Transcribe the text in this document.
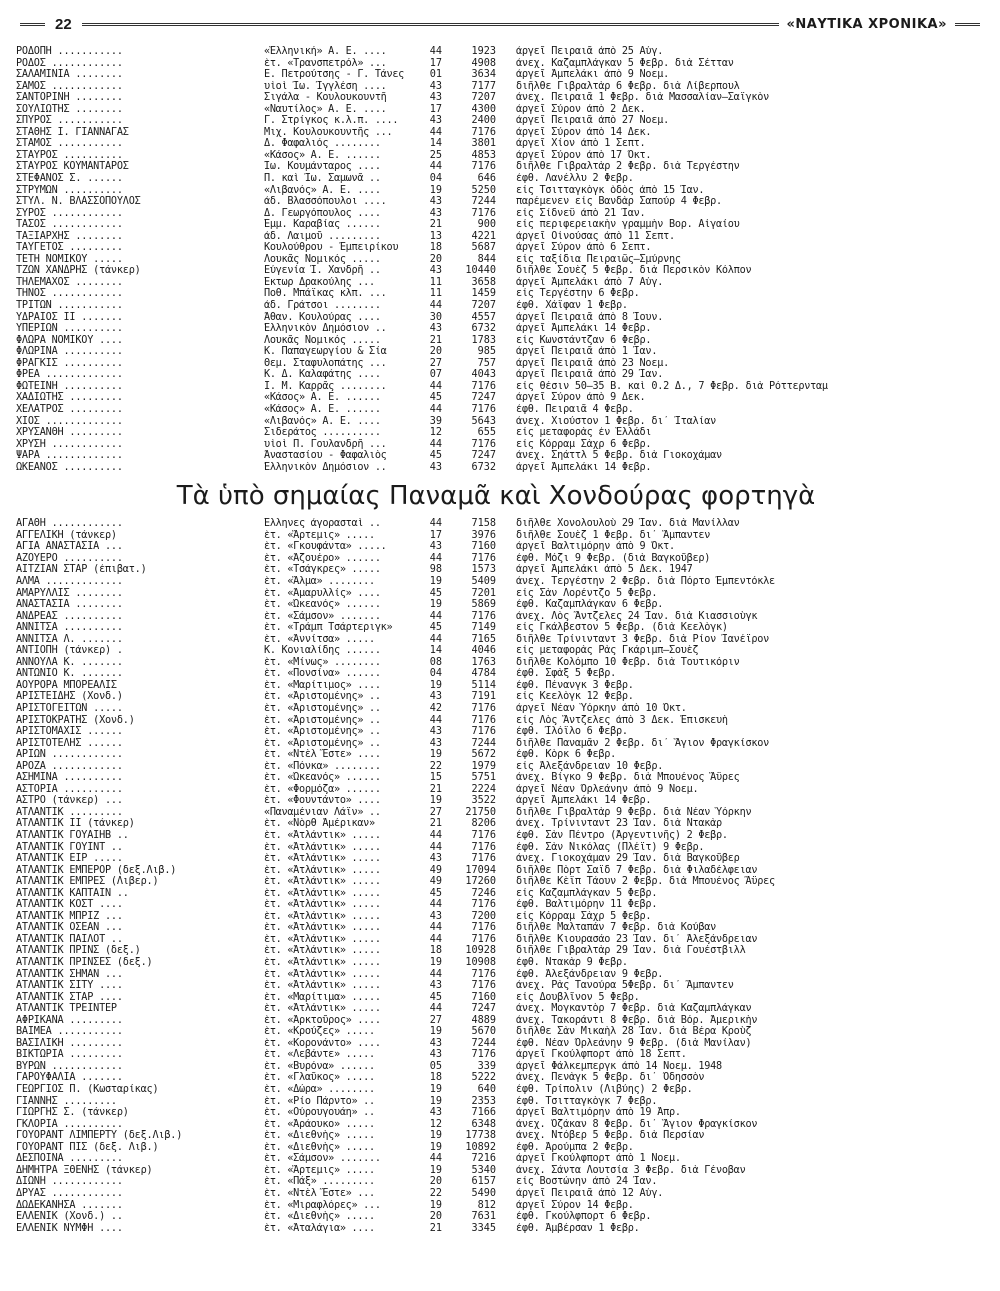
22	«ΝΑΥΤΙΚΑ ΧΡΟΝΙΚΑ»
ΡΟΔΟΠΗ ...........	«Ἑλληνική» Α. Ε. ....	44	1923	ἀργεῖ Πειραιᾶ ἀπὸ 25 Αὐγ.
ΡΟΔΟΣ ............	ἑτ. «Τρανσπετρόλ» ...	17	4908	ἀνεχ. Καζαμπλάγκαν 5 Φεβρ. διὰ Σέτταν
ΣΑΛΑΜΙΝΙΑ ........	Ε. Πετρούτσης - Γ. Τάνες	01	3634	ἀργεῖ Ἀμπελάκι ἀπὸ 9 Νοεμ.
ΣΑΜΟΣ ............	υἱοὶ Ἰω. Ἰγγλέση ....	43	7177	διῆλθε Γιβραλτὰρ 6 Φεβρ. διὰ Λίβερπουλ
ΣΑΝΤΟΡΙΝΗ ........	Σιγάλα - Κουλουκουντῆ	43	7207	ἀνεχ. Πειραιᾶ 1 Φεβρ. διὰ Μασσαλίαν—Σαϊγκὸν
ΣΟΥΛΙΩΤΗΣ ........	«Ναυτίλος» Α. Ε. ....	17	4300	ἀργεῖ Σύρον ἀπὸ 2 Δεκ.
ΣΠΥΡΟΣ ...........	Γ. Στρίγκος κ.λ.π. ....	43	2400	ἀργεῖ Πειραιᾶ ἀπὸ 27 Νοεμ.
ΣΤΑΘΗΣ Ι. ΓΙΑΝΝΑΓΑΣ	Μιχ. Κουλουκουντῆς ...	44	7176	ἀργεῖ Σύρον ἀπὸ 14 Δεκ.
ΣΤΑΜΟΣ ...........	Δ. Φαφαλιός ........	14	3801	ἀργεῖ Χίον ἀπὸ 1 Σεπτ.
ΣΤΑΥΡΟΣ ..........	«Κάσος» Α. Ε. ......	25	4853	ἀργεῖ Σύρον ἀπὸ 17 Ὀκτ.
ΣΤΑΥΡΟΣ ΚΟΥΜΑΝΤΑΡΟΣ	Ἰω. Κουμάνταρος ....	44	7176	διῆλθε Γιβραλτὰρ 2 Φεβρ. διὰ Τεργέστην
ΣΤΕΦΑΝΟΣ Σ. ......	Π. καὶ Ἰω. Σαμωνᾶ ..	04	646	ἐφθ. Λανέλλυ 2 Φεβρ.
ΣΤΡΥΜΩΝ ..........	«Λιβανός» Α. Ε. ....	19	5250	εἰς Τσιτταγκὸγκ ὁδὸς ἀπὸ 15 Ἰαν.
ΣΤΥΛ. Ν. ΒΛΑΣΣΟΠΟΥΛΟΣ	ἀδ. Βλασσόπουλοι ....	43	7244	παρέμενεν εἰς Βανδὰρ Σαπούρ 4 Φεβρ.
ΣΥΡΟΣ ............	Δ. Γεωργόπουλος ....	43	7176	εἰς Σίδνεϋ ἀπὸ 21 Ἰαν.
ΤΑΣΟΣ ............	Ἐμμ. Καραβίας ......	21	900	εἰς περιφερειακὴν γραμμὴν Βορ. Αἰγαίου
ΤΑΞΙΑΡΧΗΣ ........	ἀδ. Λαιμοῦ .........	13	4221	ἀργεῖ Οἰνούσας ἀπὸ 11 Σεπτ.
ΤΑΫΓΕΤΟΣ .........	Κουλούθρου - Ἐμπειρίκου	18	5687	ἀργεῖ Σύρον ἀπὸ 6 Σεπτ.
ΤΕΤΗ ΝΟΜΙΚΟΥ .....	Λουκᾶς Νομικός .....	20	844	εἰς ταξίδια Πειραιῶς—Σμύρνης
ΤΖΩΝ ΧΑΝΔΡΗΣ (τάνκερ)	Εὐγενία Ἰ. Χανδρῆ ..	43	10440	διῆλθε Σουὲζ 5 Φεβρ. διὰ Περσικὸν Κόλπον
ΤΗΛΕΜΑΧΟΣ ........	Ἕκτωρ Δρακούλης ...	11	3658	ἀργεῖ Ἀμπελάκι ἀπὸ 7 Αὐγ.
ΤΗΝΟΣ ............	Ποθ. Μπάϊκας κλπ. ...	11	1459	εἰς Τεργέστην 6 Φεβρ.
ΤΡΙΤΩΝ ...........	ἀδ. Γράτσοι ........	44	7207	ἐφθ. Χάϊφαν 1 Φεβρ.
ΥΔΡΑΙΟΣ ΙΙ .......	Ἀθαν. Κουλούρας ....	30	4557	ἀργεῖ Πειραιᾶ ἀπὸ 8 Ἰουν.
ΥΠΕΡΙΩΝ ..........	Ἑλληνικὸν Δημόσιον ..	43	6732	ἀργεῖ Ἀμπελάκι 14 Φεβρ.
ΦΛΩΡΑ ΝΟΜΙΚΟΥ ....	Λουκᾶς Νομικός .....	21	1783	εἰς Κωνστάντζαν 6 Φεβρ.
ΦΛΩΡΙΝΑ ..........	Κ. Παπαγεωργίου & Σία	20	985	ἀργεῖ Πειραιᾶ ἀπὸ 1 Ἰαν.
ΦΡΑΓΚΙΣ ..........	Θεμ. Σταφυλοπάτης ...	27	757	ἀργεῖ Πειραιᾶ ἀπὸ 23 Νοεμ.
ΦΡΕΑ .............	Κ. Δ. Καλαφάτης ....	07	4043	ἀργεῖ Πειραιᾶ ἀπὸ 29 Ἰαν.
ΦΩΤΕΙΝΗ ..........	Ι. Μ. Καρρᾶς ........	44	7176	εἰς θέσιν 50—35 Β. καὶ 0.2 Δ., 7 Φεβρ. διὰ Ρόττερνταμ
ΧΑΔΙΩΤΗΣ .........	«Κάσος» Α. Ε. ......	45	7247	ἀργεῖ Σύρον ἀπὸ 9 Δεκ.
ΧΕΛΑΤΡΟΣ .........	«Κάσος» Α. Ε. ......	44	7176	ἐφθ. Πειραιᾶ 4 Φεβρ.
ΧΙΟΣ .............	«Λιβανός» Α. Ε. ....	39	5643	ἀνεχ. Χιούστον 1 Φεβρ. δι᾿ Ἰταλίαν
ΧΡΥΣΑΝΘΗ .........	Σιδεράτος ..........	12	655	εἰς μεταφορὰς ἐν Ἑλλάδι
ΧΡΥΣΗ ............	υἱοὶ Π. Γουλανδρῆ ...	44	7176	εἰς Κόρραμ Σὰχρ 6 Φεβρ.
ΨΑΡΑ .............	Ἀναστασίου - Φαφαλιὸς	45	7247	ἀνεχ. Σηάττλ 5 Φεβρ. διὰ Γιοκοχάμαν
ΩΚΕΑΝΟΣ ..........	Ἑλληνικὸν Δημόσιον ..	43	6732	ἀργεῖ Ἀμπελάκι 14 Φεβρ.
Τὰ ὑπὸ σημαίας Παναμᾶ καὶ Χονδούρας φορτηγὰ
ΑΓΑΘΗ ............	Ἕλληνες ἀγορασταὶ ..	44	7158	διῆλθε Χονολουλοὺ 29 Ἰαν. διὰ Μανίλλαν
ΑΓΓΕΛΙΚΗ (τάνκερ)	ἑτ. «Ἄρτεμις» .....	17	3976	διῆλθε Σουὲζ 1 Φεβρ. δι᾿ Ἄμπαντεν
ΑΓΙΑ ΑΝΑΣΤΑΣΙΑ ...	ἑτ. «Γκουφάντα» .....	43	7160	ἀργεῖ Βαλτιμόρην ἀπὸ 9 Ὀκτ.
ΑΖΟΥΕΡΟ ..........	ἑτ. «Ἀζουέρο» ......	44	7176	ἐφθ. Μόζι 9 Φεβρ. (διὰ Βαγκοῦβερ)
ΑΪΤΖΙΑΝ ΣΤΑΡ (ἐπιβατ.)	ἑτ. «Τσάγκρες» .....	98	1573	ἀργεῖ Ἀμπελάκι ἀπὸ 5 Δεκ. 1947
ΑΛΜΑ .............	ἑτ. «Ἄλμα» ........	19	5409	ἀνεχ. Τεργέστην 2 Φεβρ. διὰ Πόρτο Ἐμπεντόκλε
ΑΜΑΡΥΛΛΙΣ ........	ἑτ. «Ἀμαρυλλίς» ....	45	7201	εἰς Σὰν Λορέντζο 5 Φεβρ.
ΑΝΑΣΤΑΣΙΑ ........	ἑτ. «Ὠκεανός» ......	19	5869	ἐφθ. Καζαμπλάγκαν 6 Φεβρ.
ΑΝΔΡΕΑΣ ..........	ἑτ. «Σάμσον» .......	44	7176	ἀνεχ. Λὸς Ἄντζελες 24 Ἰαν. διὰ Κιασσιοὺγκ
ΑΝΝΙΤΣΑ ..........	ἑτ. «Τράμπ Τσάρτεριγκ»	45	7149	εἰς Γκάλβεστον 5 Φεβρ. (διὰ Κεελὸγκ)
ΑΝΝΙΤΣΑ Λ. .......	ἑτ. «Ἀννίτσα» .....	44	7165	διῆλθε Τρίνινταντ 3 Φεβρ. διὰ Ρίον Ἰανέϊρον
ΑΝΤΙΟΠΗ (τάνκερ) .	Κ. Κονιαλίδης ......	14	4046	εἰς μεταφορὰς Ρὰς Γκάριμπ—Σουὲζ
ΑΝΝΟΥΛΑ Κ. .......	ἑτ. «Μίνως» ........	08	1763	διῆλθε Κολόμπο 10 Φεβρ. διὰ Τουτικόριν
ΑΝΤΩΝΙΟ Κ. .......	ἑτ. «Πονσίνα» ......	04	4784	ἐφθ. Σφὰξ 5 Φεβρ.
ΑΟΥΡΟΡΑ ΜΠΟΡΕΑΛΙΣ	ἑτ. «Μαρίτιμος» ....	19	5114	ἐφθ. Πένανγκ 3 Φεβρ.
ΑΡΙΣΤΕΙΔΗΣ (Χονδ.)	ἑτ. «Ἀριστομένης» ..	43	7191	εἰς Κεελὸγκ 12 Φεβρ.
ΑΡΙΣΤΟΓΕΙΤΩΝ .....	ἑτ. «Ἀριστομένης» ..	42	7176	ἀργεῖ Νέαν Ὑόρκην ἀπὸ 10 Ὀκτ.
ΑΡΙΣΤΟΚΡΑΤΗΣ (Χονδ.)	ἑτ. «Ἀριστομένης» ..	44	7176	εἰς Λὸς Ἄντζελες ἀπὸ 3 Δεκ. Ἐπισκευὴ
ΑΡΙΣΤΟΜΑΧΙΣ ......	ἑτ. «Ἀριστομένης» ..	43	7176	ἐφθ. Ἰλόϊλο 6 Φεβρ.
ΑΡΙΣΤΟΤΕΛΗΣ ......	ἑτ. «Ἀριστομένης» ..	43	7244	διῆλθε Παναμᾶν 2 Φεβρ. δι᾿ Ἅγιον Φραγκίσκον
ΑΡΙΩΝ ............	ἑτ. «Ντὲλ Ἔστε» ....	19	5672	ἐφθ. Κὸρκ 6 Φεβρ.
ΑΡΟΖΑ ............	ἑτ. «Πόνκα» ........	22	1979	εἰς Ἀλεξάνδρειαν 10 Φεβρ.
ΑΣΗΜΙΝΑ ..........	ἑτ. «Ὠκεανός» ......	15	5751	ἀνεχ. Βίγκο 9 Φεβρ. διὰ Μπουένος Ἄϋρες
ΑΣΤΟΡΙΑ ..........	ἑτ. «Φορμόζα» ......	21	2224	ἀργεῖ Νέαν Ὀρλεάνην ἀπὸ 9 Νοεμ.
ΑΣΤΡΟ (τάνκερ) ...	ἑτ. «Φουντάντο» ....	19	3522	ἀργεῖ Ἀμπελάκι 14 Φεβρ.
ΑΤΛΑΝΤΙΚ .........	«Παναμένιαν Λάϊν» ..	27	21750	διῆλθε Γιβραλτὰρ 9 Φεβρ. διὰ Νέαν Ὑόρκην
ΑΤΛΑΝΤΙΚ ΙΙ (τάνκερ)	ἑτ. «Νὸρθ Ἀμέρικαν»	21	8206	ἀνεχ. Τρίνινταντ 23 Ἰαν. διὰ Ντακὰρ
ΑΤΛΑΝΤΙΚ ΓΟΥΑΪΗΒ ..	ἑτ. «Ἀτλάντικ» .....	44	7176	ἐφθ. Σὰν Πέντρο (Ἀργεντινῆς) 2 Φεβρ.
ΑΤΛΑΝΤΙΚ ΓΟΥΪΝΤ ..	ἑτ. «Ἀτλάντικ» .....	44	7176	ἐφθ. Σὰν Νικόλας (Πλέϊτ) 9 Φεβρ.
ΑΤΛΑΝΤΙΚ ΕΪΡ .....	ἑτ. «Ἀτλάντικ» .....	43	7176	ἀνεχ. Γιοκοχάμαν 29 Ἰαν. διὰ Βαγκοῦβερ
ΑΤΛΑΝΤΙΚ ΕΜΠΕΡΟΡ (δεξ.Λιβ.)	ἑτ. «Ἀτλάντικ» .....	49	17094	διῆλθε Πὸρτ Σαΐδ 7 Φεβρ. διὰ Φιλαδέλφειαν
ΑΤΛΑΝΤΙΚ ΕΜΠΡΕΣ (Λιβερ.)	ἑτ. «Ἀτλάντικ» .....	49	17260	διῆλθε Κὲϊπ Τάουν 2 Φεβρ. διὰ Μπουένος Ἄϋρες
ΑΤΛΑΝΤΙΚ ΚΑΠΤΑΙΝ ..	ἑτ. «Ἀτλάντικ» .....	45	7246	εἰς Καζαμπλάγκαν 5 Φεβρ.
ΑΤΛΑΝΤΙΚ ΚΟΣΤ ....	ἑτ. «Ἀτλάντικ» .....	44	7176	ἐφθ. Βαλτιμόρην 11 Φεβρ.
ΑΤΛΑΝΤΙΚ ΜΠΡΙΖ ...	ἑτ. «Ἀτλάντικ» .....	43	7200	εἰς Κόρραμ Σὰχρ 5 Φεβρ.
ΑΤΛΑΝΤΙΚ ΟΣΕΑΝ ...	ἑτ. «Ἀτλάντικ» .....	44	7176	διῆλθε Μαλταπάν 7 Φεβρ. διὰ Κούβαν
ΑΤΛΑΝΤΙΚ ΠΑΪΛΟΤ ..	ἑτ. «Ἀτλάντικ» .....	44	7176	διῆλθε Κιουρασάο 23 Ἰαν. δι᾿ Ἀλεξάνδρειαν
ΑΤΛΑΝΤΙΚ ΠΡΙΝΣ (δεξ.)	ἑτ. «Ἀτλάντικ» .....	18	10928	διῆλθε Γιβραλτὰρ 29 Ἰαν. διὰ Γουέστβιλλ
ΑΤΛΑΝΤΙΚ ΠΡΙΝΣΕΣ (δεξ.)	ἑτ. «Ἀτλάντικ» .....	19	10908	ἐφθ. Ντακὰρ 9 Φεβρ.
ΑΤΛΑΝΤΙΚ ΣΗΜΑΝ ...	ἑτ. «Ἀτλάντικ» .....	44	7176	ἐφθ. Ἀλεξάνδρειαν 9 Φεβρ.
ΑΤΛΑΝΤΙΚ ΣΙΤΥ ....	ἑτ. «Ἀτλάντικ» .....	43	7176	ἀνεχ. Ρὰς Τανούρα 5Φεβρ. δι᾿ Ἄμπαντεν
ΑΤΛΑΝΤΙΚ ΣΤΑΡ ....	ἑτ. «Μαρίτιμα» .....	45	7160	εἰς Δουβλῖνον 5 Φεβρ.
ΑΤΛΑΝΤΙΚ ΤΡΕΪΝΤΕΡ	ἑτ. «Ἀτλάντικ» .....	44	7247	ἀνεχ. Μογκαντὸρ 7 Φεβρ. διὰ Καζαμπλάγκαν
ΑΦΡΙΚΑΝΑ .........	ἑτ. «Ἀρκτοῦρος» ....	27	4889	ἀνεχ. Τακοράντι 8 Φεβρ. διὰ Βόρ. Ἀμερικὴν
ΒΑΪΜΕΑ ...........	ἑτ. «Κρούζες» .....	19	5670	διῆλθε Σὰν Μικαὴλ 28 Ἰαν. διὰ Βέρα Κροὺζ
ΒΑΣΙΛΙΚΗ .........	ἑτ. «Κορονάντο» ....	43	7244	ἐφθ. Νέαν Ὀρλεάνην 9 Φεβρ. (διὰ Μανίλαν)
ΒΙΚΤΩΡΙΑ .........	ἑτ. «Λεβάντε» .....	43	7176	ἀργεῖ Γκούλφπορτ ἀπὸ 18 Σεπτ.
ΒΥΡΩΝ ............	ἑτ. «Βυρόνα» ......	05	339	ἀργεῖ Φάλκεμπεργκ ἀπὸ 14 Νοεμ. 1948
ΓΑΡΟΥΦΑΛΙΑ .......	ἑτ. «Γλαῦκος» .....	18	5222	ἀνεχ. Πενὰγκ 5 Φεβρ. δι᾿ Ὀδησσὸν
ΓΕΩΡΓΙΟΣ Π. (Κωσταρίκας)	ἑτ. «Δώρα» ........	19	640	ἐφθ. Τρίπολιν (Λιβύης) 2 Φεβρ.
ΓΙΑΝΝΗΣ .........	ἑτ. «Ρίο Πάρντο» ..	19	2353	ἐφθ. Τσιτταγκὸγκ 7 Φεβρ.
ΓΙΩΡΓΗΣ Σ. (τάνκερ)	ἑτ. «Οὐρουγουάη» ..	43	7166	ἀργεῖ Βαλτιμόρην ἀπὸ 19 Ἀπρ.
ΓΚΛΟΡΙΑ ..........	ἑτ. «Ἀράουκο» .....	12	6348	ἀνεχ. Ὀζάκαν 8 Φεβρ. δι᾿ Ἅγιον Φραγκίσκον
ΓΟΥΟΡΑΝΤ ΛΙΜΠΕΡΤΥ (δεξ.Λιβ.)	ἑτ. «Διεθνὴς» .....	19	17738	ἀνεχ. Ντόβερ 5 Φεβρ. διὰ Περσίαν
ΓΟΥΟΡΑΝΤ ΠΙΣ (δεξ. Λιβ.)	ἑτ. «Διεθνὴς» .....	19	10892	ἐφθ. Ἀρούμπα 2 Φεβρ.
ΔΕΣΠΟΙΝΑ .........	ἑτ. «Σάμσον» .......	44	7216	ἀργεῖ Γκούλφπορτ ἀπὸ 1 Νοεμ.
ΔΗΜΗΤΡΑ ΞΘΕΝΗΣ (τάνκερ)	ἑτ. «Ἄρτεμις» .....	19	5340	ἀνεχ. Σάντα Λουτσία 3 Φεβρ. διὰ Γένοβαν
ΔΙΩΝΗ ............	ἑτ. «Πάξ» .........	20	6157	εἰς Βοστώνην ἀπὸ 24 Ἰαν.
ΔΡΥΑΣ ............	ἑτ. «Ντὲλ Ἔστε» ...	22	5490	ἀργεῖ Πειραιᾶ ἀπὸ 12 Αὐγ.
ΔΩΔΕΚΑΝΗΣΑ .......	ἑτ. «Μιραφλόρες» ...	19	812	ἀργεῖ Σύρον 14 Φεβρ.
ΕΛΛΕΝΙΚ (Χονδ.) ..	ἑτ. «Διεθνὴς» .....	20	7631	ἐφθ. Γκούλφπορτ 6 Φεβρ.
ΕΛΛΕΝΙΚ ΝΥΜΦΗ ....	ἑτ. «Ἀταλάγια» ....	21	3345	ἐφθ. Ἀμβέρσαν 1 Φεβρ.
